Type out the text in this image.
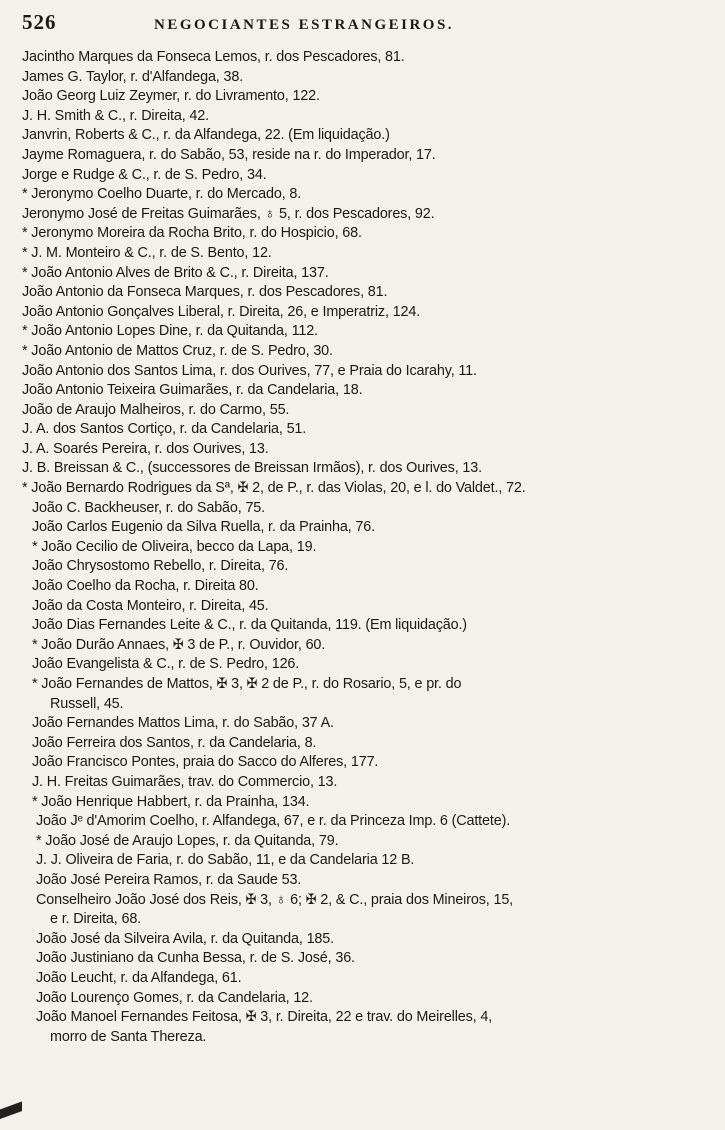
526	NEGOCIANTES ESTRANGEIROS.
Jacintho Marques da Fonseca Lemos, r. dos Pescadores, 81.
James G. Taylor, r. d'Alfandega, 38.
João Georg Luiz Zeymer, r. do Livramento, 122.
J. H. Smith & C., r. Direita, 42.
Janvrin, Roberts & C., r. da Alfandega, 22. (Em liquidação.)
Jayme Romaguera, r. do Sabão, 53, reside na r. do Imperador, 17.
Jorge e Rudge & C., r. de S. Pedro, 34.
* Jeronymo Coelho Duarte, r. do Mercado, 8.
Jeronymo José de Freitas Guimarães, ♁ 5, r. dos Pescadores, 92.
* Jeronymo Moreira da Rocha Brito, r. do Hospicio, 68.
* J. M. Monteiro & C., r. de S. Bento, 12.
* João Antonio Alves de Brito & C., r. Direita, 137.
João Antonio da Fonseca Marques, r. dos Pescadores, 81.
João Antonio Gonçalves Liberal, r. Direita, 26, e Imperatriz, 124.
* João Antonio Lopes Dine, r. da Quitanda, 112.
* João Antonio de Mattos Cruz, r. de S. Pedro, 30.
João Antonio dos Santos Lima, r. dos Ourives, 77, e Praia do Icarahy, 11.
João Antonio Teixeira Guimarães, r. da Candelaria, 18.
João de Araujo Malheiros, r. do Carmo, 55.
J. A. dos Santos Cortiço, r. da Candelaria, 51.
J. A. Soarés Pereira, r. dos Ourives, 13.
J. B. Breissan & C., (successores de Breissan Irmãos), r. dos Ourives, 13.
* João Bernardo Rodrigues da Sª, ✠ 2, de P., r. das Violas, 20, e l. do Valdet., 72.
João C. Backheuser, r. do Sabão, 75.
João Carlos Eugenio da Silva Ruella, r. da Prainha, 76.
* João Cecilio de Oliveira, becco da Lapa, 19.
João Chrysostomo Rebello, r. Direita, 76.
João Coelho da Rocha, r. Direita 80.
João da Costa Monteiro, r. Direita, 45.
João Dias Fernandes Leite & C., r. da Quitanda, 119. (Em liquidação.)
* João Durão Annaes, ✠ 3 de P., r. Ouvidor, 60.
João Evangelista & C., r. de S. Pedro, 126.
* João Fernandes de Mattos, ✠ 3, ✠ 2 de P., r. do Rosario, 5, e pr. do
Russell, 45.
João Fernandes Mattos Lima, r. do Sabão, 37 A.
João Ferreira dos Santos, r. da Candelaria, 8.
João Francisco Pontes, praia do Sacco do Alferes, 177.
J. H. Freitas Guimarães, trav. do Commercio, 13.
* João Henrique Habbert, r. da Prainha, 134.
João Jᵉ d'Amorim Coelho, r. Alfandega, 67, e r. da Princeza Imp. 6 (Cattete).
* João José de Araujo Lopes, r. da Quitanda, 79.
J. J. Oliveira de Faria, r. do Sabão, 11, e da Candelaria 12 B.
João José Pereira Ramos, r. da Saude 53.
Conselheiro João José dos Reis, ✠ 3, ♁ 6; ✠ 2, & C., praia dos Mineiros, 15,
e r. Direita, 68.
João José da Silveira Avila, r. da Quitanda, 185.
João Justiniano da Cunha Bessa, r. de S. José, 36.
João Leucht, r. da Alfandega, 61.
João Lourenço Gomes, r. da Candelaria, 12.
João Manoel Fernandes Feitosa, ✠ 3, r. Direita, 22 e trav. do Meirelles, 4,
morro de Santa Thereza.
